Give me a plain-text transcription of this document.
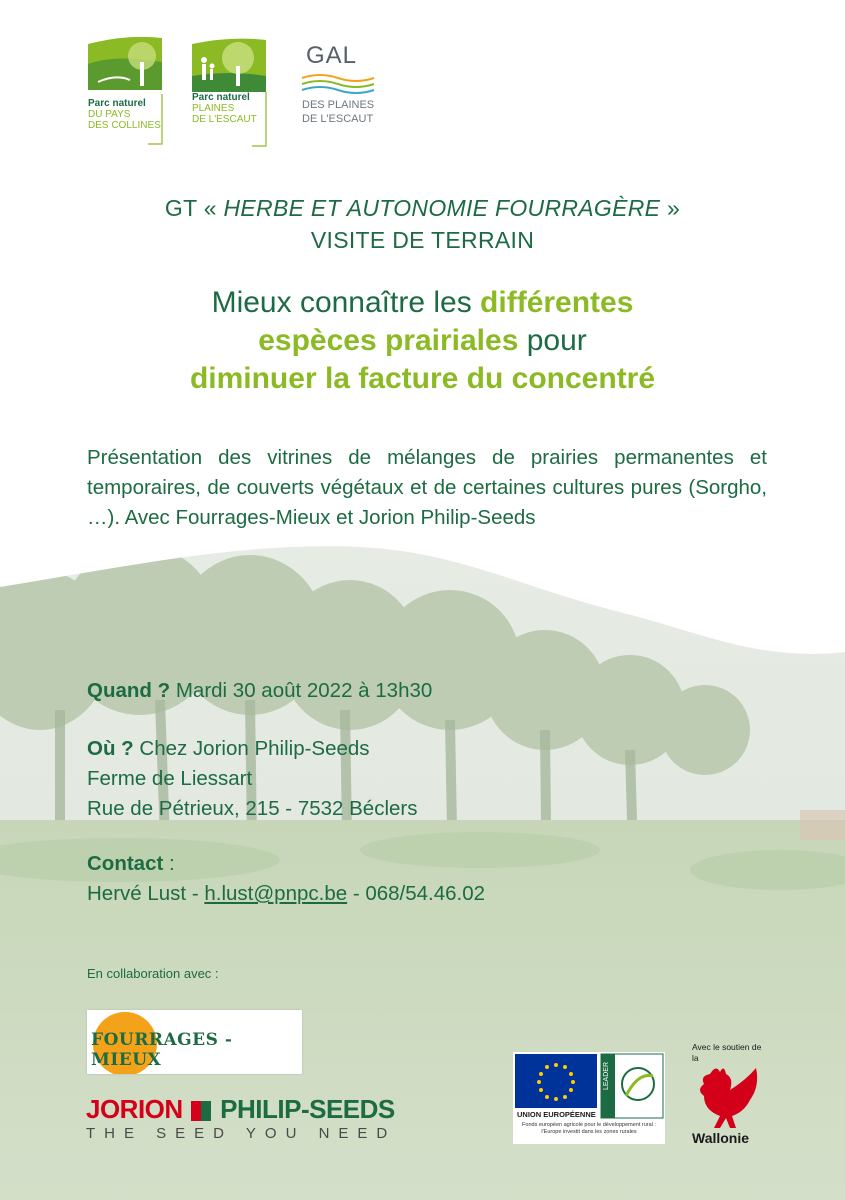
Parc naturel
DU PAYS
DES COLLINES
Parc naturel
PLAINES
DE L'ESCAUT
GAL
DES PLAINES
DE L'ESCAUT
GT « HERBE ET AUTONOMIE FOURRAGÈRE »
VISITE DE TERRAIN
Mieux connaître les différentes
espèces prairiales pour
diminuer la facture du concentré
Présentation des vitrines de mélanges de prairies permanentes et temporaires, de couverts végétaux et de certaines cultures pures (Sorgho, …). Avec Fourrages-Mieux et Jorion Philip-Seeds
Quand ? Mardi 30 août 2022 à 13h30
Où ? Chez Jorion Philip-Seeds
Ferme de Liessart
Rue de Pétrieux, 215 - 7532 Béclers
Contact :
Hervé Lust - h.lust@pnpc.be - 068/54.46.02
En collaboration avec :
FOURRAGES - MIEUX
JORION PHILIP-SEEDS
THE SEED YOU NEED
LEADER
UNION EUROPÉENNE
Fonds européen agricole pour le développement rural :
l'Europe investit dans les zones rurales
Avec le soutien de
la
Wallonie
